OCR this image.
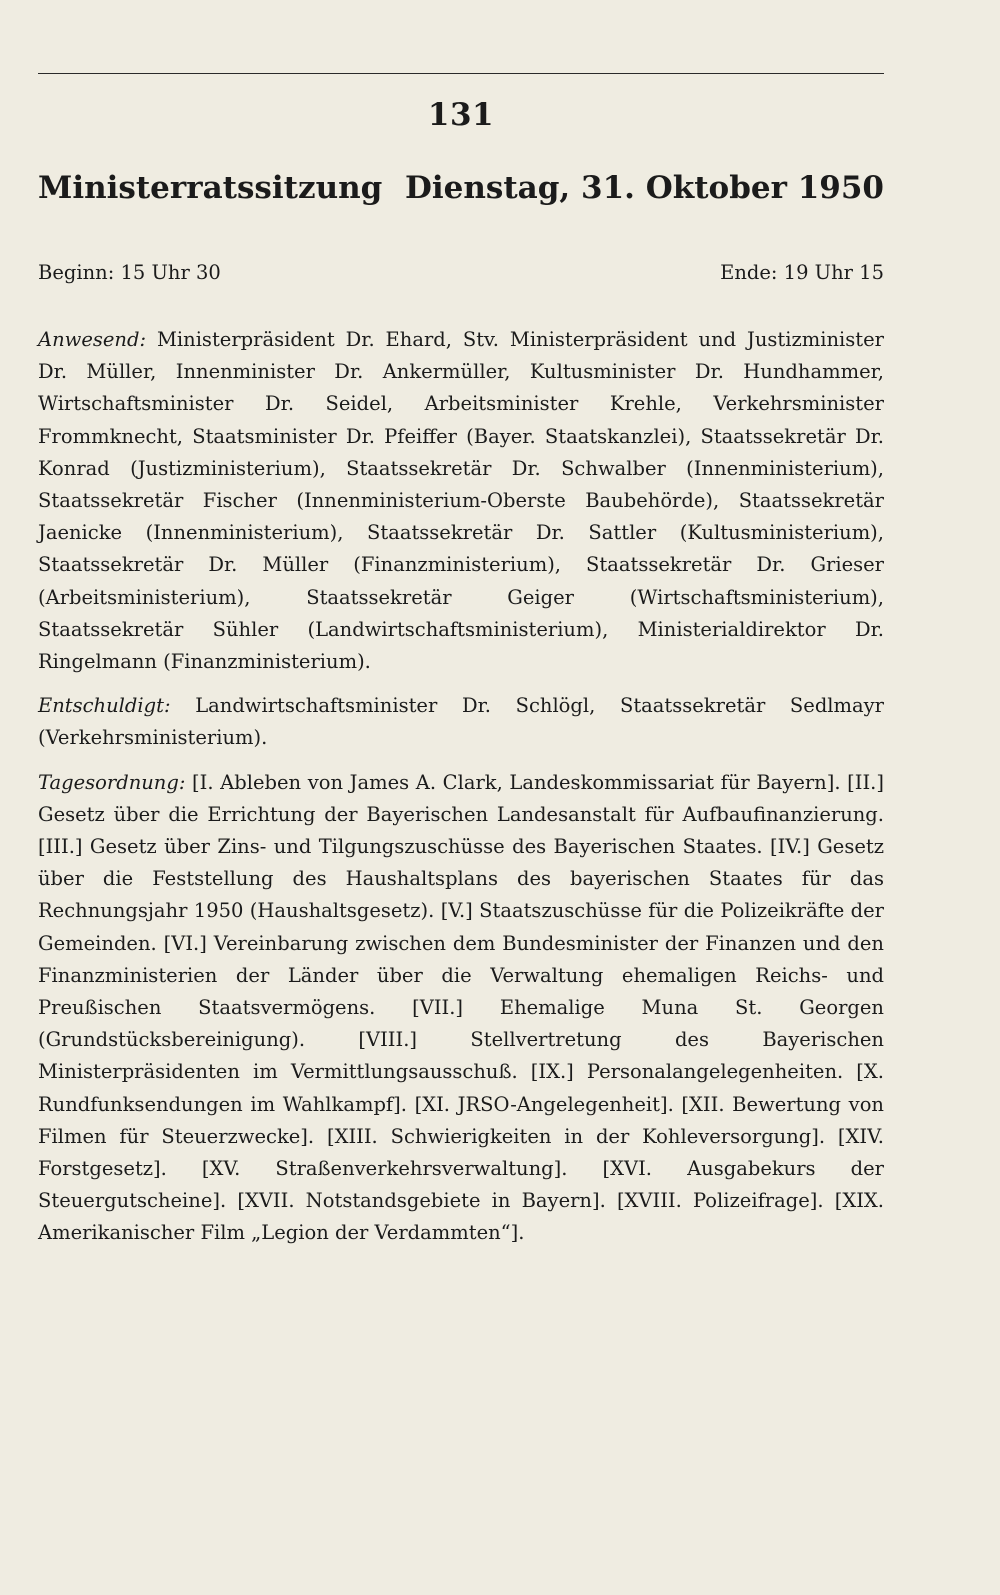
131
Ministerratssitzung Dienstag, 31. Oktober 1950
Beginn: 15 Uhr 30	Ende: 19 Uhr 15

Anwesend: Ministerpräsident Dr. Ehard, Stv. Ministerpräsident und Justizminister Dr. Müller, Innenminister Dr. Ankermüller, Kultusminister Dr. Hundhammer, Wirtschaftsminister Dr. Seidel, Arbeitsminister Krehle, Verkehrsminister Frommknecht, Staatsminister Dr. Pfeiffer (Bayer. Staatskanzlei), Staatssekretär Dr. Konrad (Justizministerium), Staatssekretär Dr. Schwalber (Innenministerium), Staatssekretär Fischer (Innenministerium-Oberste Baubehörde), Staatssekretär Jaenicke (Innenministerium), Staatssekretär Dr. Sattler (Kultusministerium), Staatssekretär Dr. Müller (Finanzministerium), Staatssekretär Dr. Grieser (Arbeitsministerium), Staatssekretär Geiger (Wirtschaftsministerium), Staatssekretär Sühler (Landwirtschaftsministerium), Ministerialdirektor Dr. Ringelmann (Finanzministerium).

Entschuldigt: Landwirtschaftsminister Dr. Schlögl, Staatssekretär Sedlmayr (Verkehrsministerium).

Tagesordnung: [I. Ableben von James A. Clark, Landeskommissariat für Bayern]. [II.] Gesetz über die Errichtung der Bayerischen Landesanstalt für Aufbaufinanzierung. [III.] Gesetz über Zins- und Tilgungszuschüsse des Bayerischen Staates. [IV.] Gesetz über die Feststellung des Haushaltsplans des bayerischen Staates für das Rechnungsjahr 1950 (Haushaltsgesetz). [V.] Staatszuschüsse für die Polizeikräfte der Gemeinden. [VI.] Vereinbarung zwischen dem Bundesminister der Finanzen und den Finanzministerien der Länder über die Verwaltung ehemaligen Reichs- und Preußischen Staatsvermögens. [VII.] Ehemalige Muna St. Georgen (Grundstücksbereinigung). [VIII.] Stellvertretung des Bayerischen Ministerpräsidenten im Vermittlungsausschuß. [IX.] Personalangelegenheiten. [X. Rundfunksendungen im Wahlkampf]. [XI. JRSO-Angelegenheit]. [XII. Bewertung von Filmen für Steuerzwecke]. [XIII. Schwierigkeiten in der Kohleversorgung]. [XIV. Forstgesetz]. [XV. Straßenverkehrsverwaltung]. [XVI. Ausgabekurs der Steuergutscheine]. [XVII. Notstandsgebiete in Bayern]. [XVIII. Polizeifrage]. [XIX. Amerikanischer Film „Legion der Verdammten“].
